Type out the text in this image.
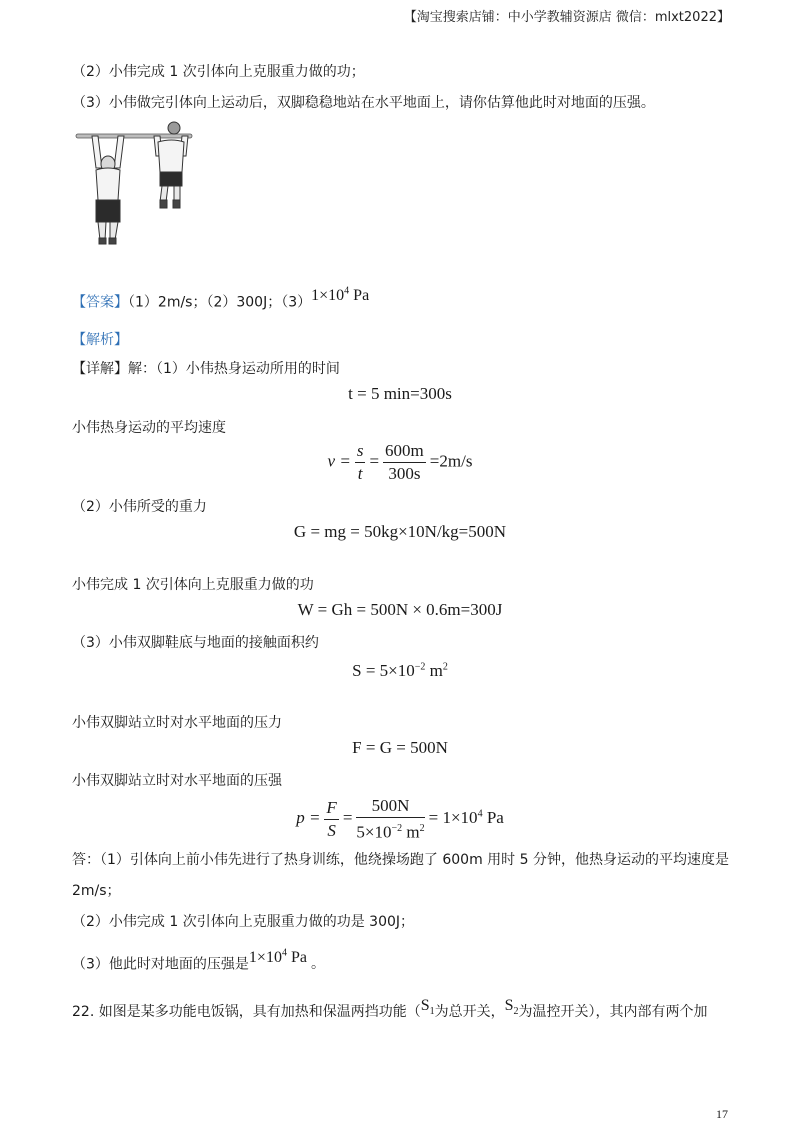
【淘宝搜索店铺：中小学教辅资源店 微信：mlxt2022】
（2）小伟完成 1 次引体向上克服重力做的功；
（3）小伟做完引体向上运动后，双脚稳稳地站在水平地面上，请你估算他此时对地面的压强。
【答案】（1）2m/s；（2）300J；$(3)1\times 10^4$ Pa
【解析】
【详解】解：（1）小伟热身运动所用的时间
t = 5 min=300s
小伟热身运动的平均速度
$v = \frac{s}{t} = \frac{600m}{300s} =2m/s$
（2）小伟所受的重力
G = mg = 50kg×10N/kg=500N
小伟完成 1 次引体向上克服重力做的功
W = Gh = 500N × 0.6m=300J
（3）小伟双脚鞋底与地面的接触面积约
$S = 5\times 10^{-2}$ $m^2$
小伟双脚站立时对水平地面的压力
F = G = 500N
小伟双脚站立时对水平地面的压强
$p = \frac{F}{S} = \frac{500N}{5\times 10^{-2} m^2} = 1\times 10^4$ Pa
答：（1）引体向上前小伟先进行了热身训练，他绕操场跑了 600m 用时 5 分钟，他热身运动的平均速度是
2m/s；
（2）小伟完成 1 次引体向上克服重力做的功是 300J；
（3）他此时对地面的压强是$1\times 10^4$ Pa 。
22. 如图是某多功能电饭锅，具有加热和保温两挡功能（$S_1$为总开关，$S_2$为温控开关），其内部有两个加
17
